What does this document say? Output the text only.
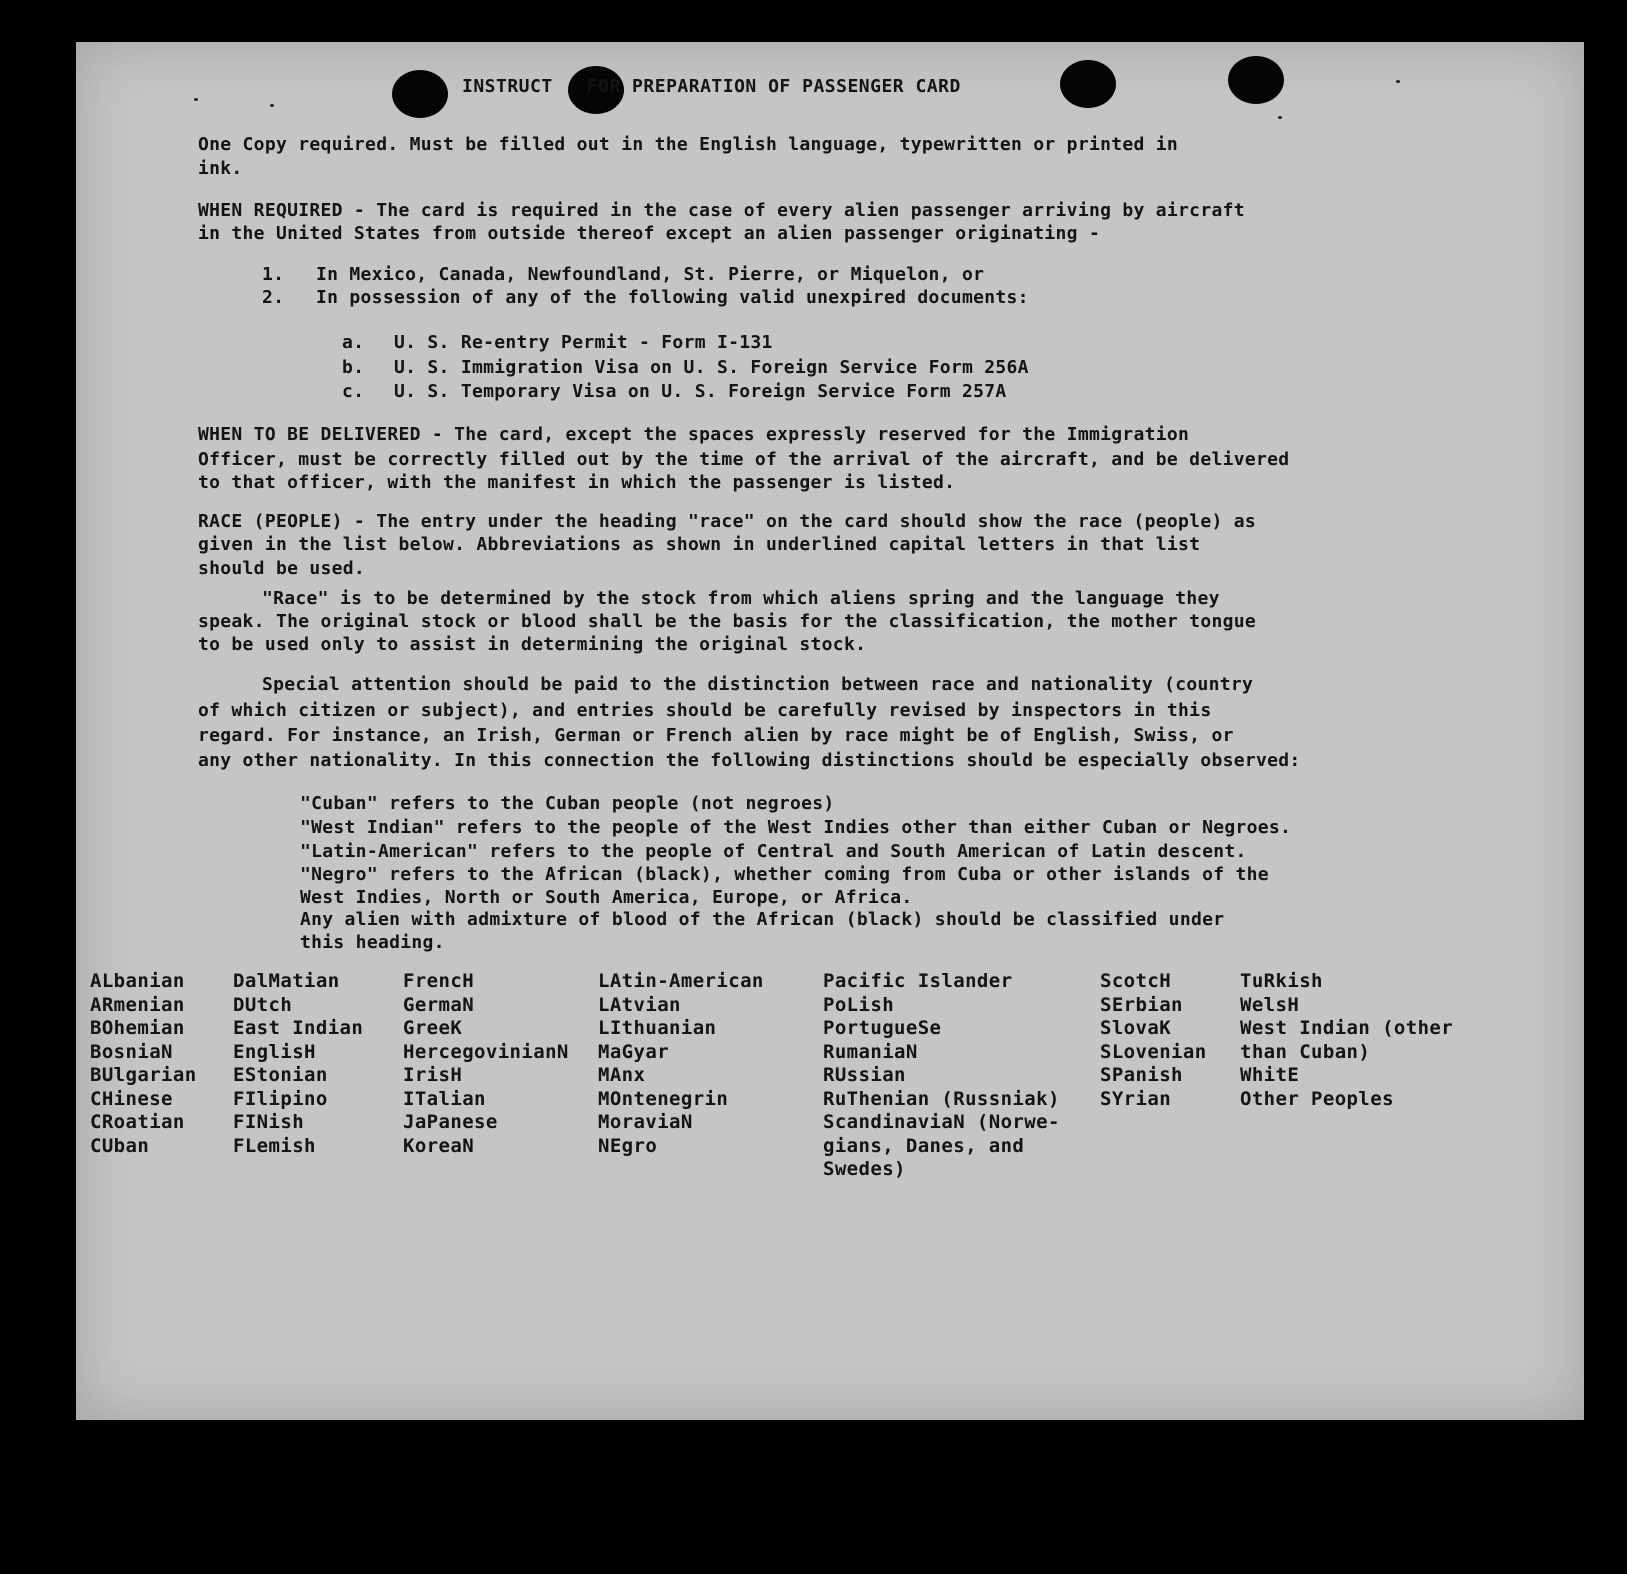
INSTRUCT   FOR PREPARATION OF PASSENGER CARD
One Copy required. Must be filled out in the English language, typewritten or printed in
ink.
WHEN REQUIRED - The card is required in the case of every alien passenger arriving by aircraft
in the United States from outside thereof except an alien passenger originating -
1. In Mexico, Canada, Newfoundland, St. Pierre, or Miquelon, or
2. In possession of any of the following valid unexpired documents:
a. U. S. Re-entry Permit - Form I-131
b. U. S. Immigration Visa on U. S. Foreign Service Form 256A
c. U. S. Temporary Visa on U. S. Foreign Service Form 257A
WHEN TO BE DELIVERED - The card, except the spaces expressly reserved for the Immigration
Officer, must be correctly filled out by the time of the arrival of the aircraft, and be delivered
to that officer, with the manifest in which the passenger is listed.
RACE (PEOPLE) - The entry under the heading "race" on the card should show the race (people) as
given in the list below. Abbreviations as shown in underlined capital letters in that list
should be used.
"Race" is to be determined by the stock from which aliens spring and the language they
speak. The original stock or blood shall be the basis for the classification, the mother tongue
to be used only to assist in determining the original stock.
Special attention should be paid to the distinction between race and nationality (country
of which citizen or subject), and entries should be carefully revised by inspectors in this
regard. For instance, an Irish, German or French alien by race might be of English, Swiss, or
any other nationality. In this connection the following distinctions should be especially observed:
"Cuban" refers to the Cuban people (not negroes)
"West Indian" refers to the people of the West Indies other than either Cuban or Negroes.
"Latin-American" refers to the people of Central and South American of Latin descent.
"Negro" refers to the African (black), whether coming from Cuba or other islands of the
West Indies, North or South America, Europe, or Africa.
Any alien with admixture of blood of the African (black) should be classified under
this heading.
ALbanian
ARmenian
BOhemian
BosniaN
BUlgarian
CHinese
CRoatian
CUban
DalMatian
DUtch
East Indian
EnglisH
EStonian
FIlipino
FINish
FLemish
FrencH
GermaN
GreeK
HercegovinianN
IrisH
ITalian
JaPanese
KoreaN
LAtin-American
LAtvian
LIthuanian
MaGyar
MAnx
MOntenegrin
MoraviaN
NEgro
Pacific Islander
PoLish
PortugueSe
RumaniaN
RUssian
RuThenian (Russniak)
ScandinaviaN (Norwe-
gians, Danes, and
Swedes)
ScotcH
SErbian
SlovaK
SLovenian
SPanish
SYrian
TuRkish
WelsH
West Indian (other
than Cuban)
WhitE
Other Peoples
